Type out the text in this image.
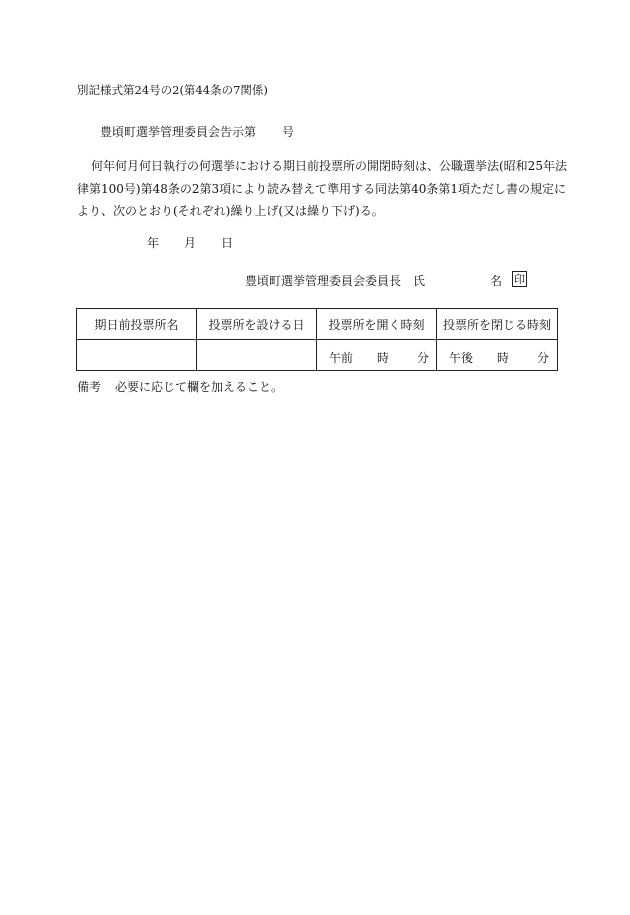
別記様式第24号の2(第44条の7関係)
豊頃町選挙管理委員会告示第 号
何年何月何日執行の何選挙における期日前投票所の開閉時刻は、公職選挙法(昭和25年法
律第100号)第48条の2第3項により読み替えて準用する同法第40条第1項ただし書の規定に
より、次のとおり(それぞれ)繰り上げ(又は繰り下げ)る。
年 月 日
豊頃町選挙管理委員会委員長　氏	名 印
期日前投票所名	投票所を設ける日	投票所を開く時刻	投票所を閉じる時刻

		午前 時 分	午後 時 分
備考 必要に応じて欄を加えること。
